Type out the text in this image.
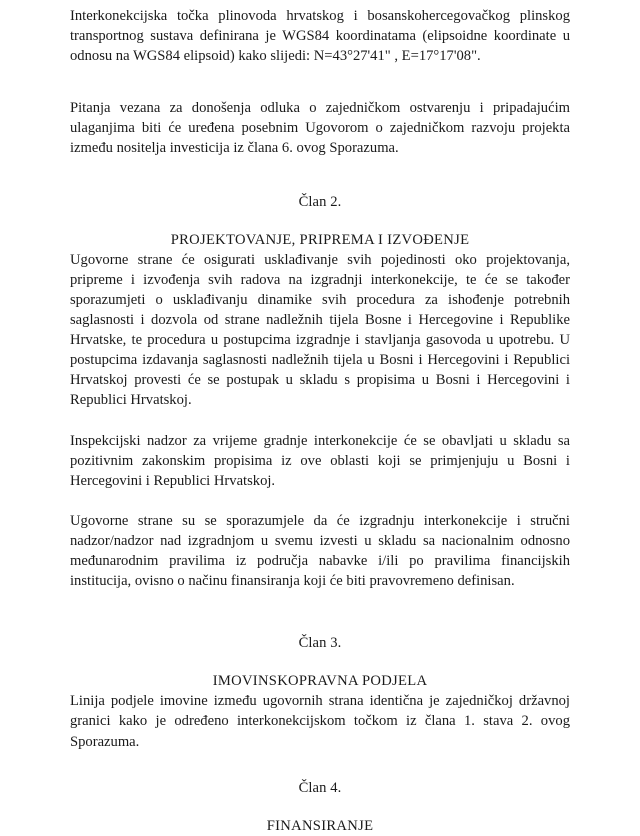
Interkonekcijska točka plinovoda hrvatskog i bosanskohercegovačkog plinskog transportnog sustava definirana je WGS84 koordinatama (elipsoidne koordinate u odnosu na WGS84 elipsoid) kako slijedi: N=43°27'41" , E=17°17'08".

Pitanja vezana za donošenja odluka o zajedničkom ostvarenju i pripadajućim ulaganjima biti će uređena posebnim Ugovorom o zajedničkom razvoju projekta između nositelja investicija iz člana 6. ovog Sporazuma.

Član 2.
PROJEKTOVANJE, PRIPREMA I IZVOĐENJE

Ugovorne strane će osigurati usklađivanje svih pojedinosti oko projektovanja, pripreme i izvođenja svih radova na izgradnji interkonekcije, te će se također sporazumjeti o usklađivanju dinamike svih procedura za ishođenje potrebnih saglasnosti i dozvola od strane nadležnih tijela Bosne i Hercegovine i Republike Hrvatske, te procedura u postupcima izgradnje i stavljanja gasovoda u upotrebu. U postupcima izdavanja saglasnosti nadležnih tijela u Bosni i Hercegovini i Republici Hrvatskoj provesti će se postupak u skladu s propisima u Bosni i Hercegovini i Republici Hrvatskoj.

Inspekcijski nadzor za vrijeme gradnje interkonekcije će se obavljati u skladu sa pozitivnim zakonskim propisima iz ove oblasti koji se primjenjuju u Bosni i Hercegovini i Republici Hrvatskoj.

Ugovorne strane su se sporazumjele da će izgradnju interkonekcije i stručni nadzor/nadzor nad izgradnjom u svemu izvesti u skladu sa nacionalnim odnosno međunarodnim pravilima iz područja nabavke i/ili po pravilima financijskih institucija, ovisno o načinu finansiranja koji će biti pravovremeno definisan.

Član 3.
IMOVINSKOPRAVNA PODJELA

Linija podjele imovine između ugovornih strana identična je zajedničkoj državnoj granici kako je određeno interkonekcijskom točkom iz člana 1. stava 2. ovog Sporazuma.

Član 4.
FINANSIRANJE
